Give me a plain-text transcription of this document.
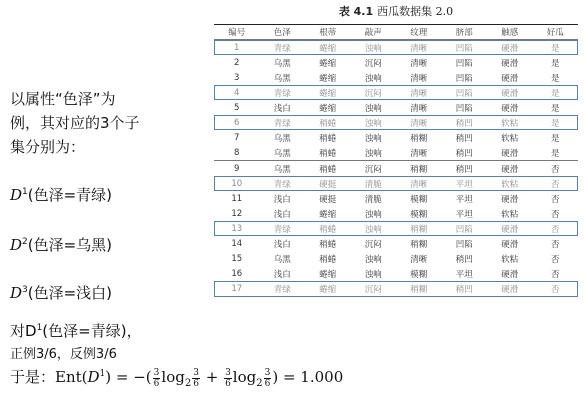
以属性“色泽”为
例，其对应的3个子
集分别为：
$D^1$(色泽=青绿)
$D^2$(色泽=乌黑)
$D^3$(色泽=浅白)
对$D^1$(色泽=青绿)，
正例3/6，反例3/6
于是：$Ent(D^1)$ = −( $\frac{3}{6} \log_2 \frac{3}{6} + \frac{3}{6} \log_2 \frac{3}{6}$ ) = 1.000
表 4.1 西瓜数据集 2.0
编号	色泽	根蒂	敲声	纹理	脐部	触感	好瓜
1	青绿	蜷缩	浊响	清晰	凹陷	硬滑	是
2	乌黑	蜷缩	沉闷	清晰	凹陷	硬滑	是
3	乌黑	蜷缩	浊响	清晰	凹陷	硬滑	是
4	青绿	蜷缩	沉闷	清晰	凹陷	硬滑	是
5	浅白	蜷缩	浊响	清晰	凹陷	硬滑	是
6	青绿	稍蜷	浊响	清晰	稍凹	软粘	是
7	乌黑	稍蜷	浊响	稍糊	稍凹	软粘	是
8	乌黑	稍蜷	浊响	清晰	稍凹	硬滑	是
9	乌黑	稍蜷	沉闷	稍糊	稍凹	硬滑	否
10	青绿	硬挺	清脆	清晰	平坦	软粘	否
11	浅白	硬挺	清脆	模糊	平坦	硬滑	否
12	浅白	蜷缩	浊响	模糊	平坦	软粘	否
13	青绿	稍蜷	浊响	稍糊	凹陷	硬滑	否
14	浅白	稍蜷	沉闷	稍糊	凹陷	硬滑	否
15	乌黑	稍蜷	浊响	清晰	稍凹	软粘	否
16	浅白	蜷缩	浊响	模糊	平坦	硬滑	否
17	青绿	蜷缩	沉闷	稍糊	稍凹	硬滑	否
